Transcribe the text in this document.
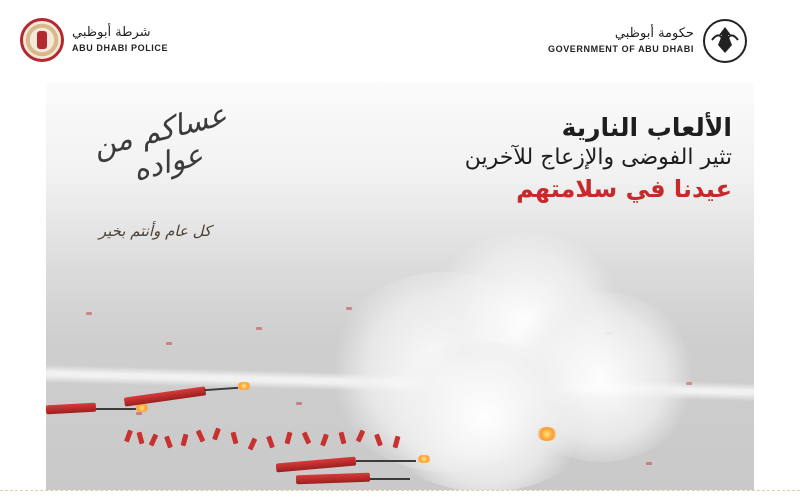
شرطة أبوظبي
ABU DHABI POLICE
حكومة أبوظبي
GOVERNMENT OF ABU DHABI
عساكم من عواده
كل عام وأنتم بخير
الألعاب النارية
تثير الفوضى والإزعاج للآخرين
عيدنا في سلامتهم
